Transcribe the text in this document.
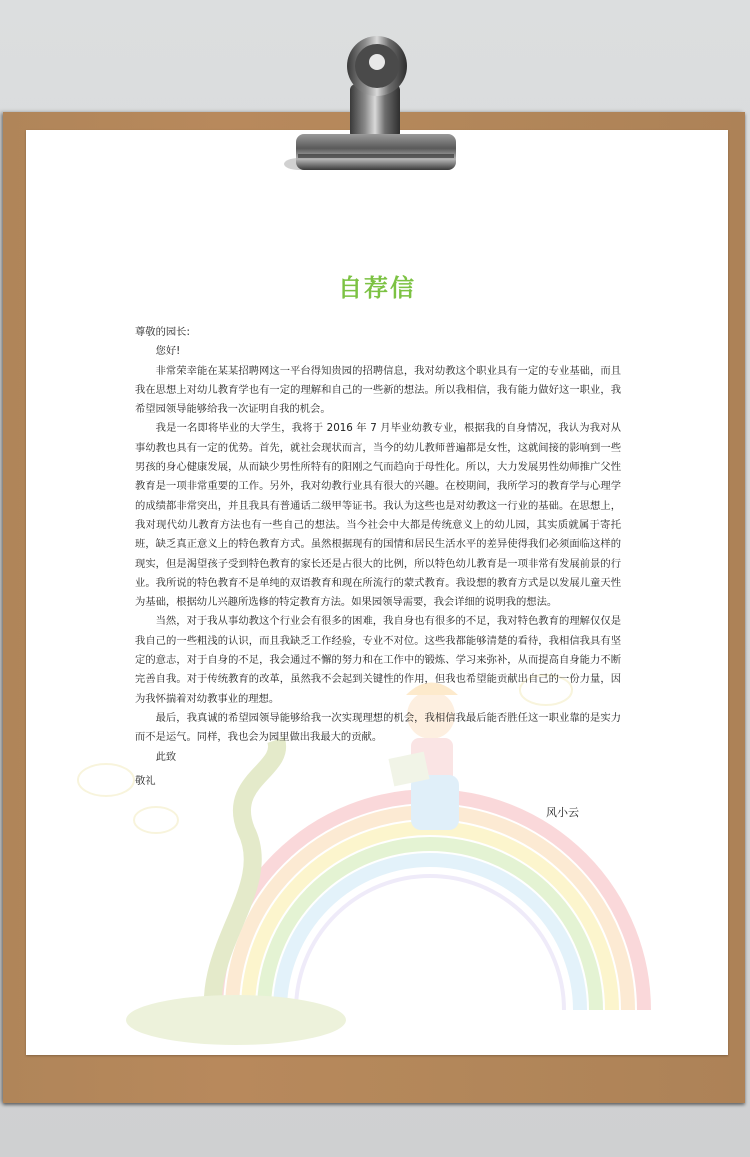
自荐信

尊敬的园长:

您好!

非常荣幸能在某某招聘网这一平台得知贵园的招聘信息，我对幼教这个职业具有一定的专业基础，而且我在思想上对幼儿教育学也有一定的理解和自己的一些新的想法。所以我相信，我有能力做好这一职业，我希望园领导能够给我一次证明自我的机会。

我是一名即将毕业的大学生，我将于 2016 年 7 月毕业幼教专业，根据我的自身情况，我认为我对从事幼教也具有一定的优势。首先，就社会现状而言，当今的幼儿教师普遍都是女性，这就间接的影响到一些男孩的身心健康发展，从而缺少男性所特有的阳刚之气而趋向于母性化。所以，大力发展男性幼师推广父性教育是一项非常重要的工作。另外，我对幼教行业具有很大的兴趣。在校期间，我所学习的教育学与心理学的成绩都非常突出，并且我具有普通话二级甲等证书。我认为这些也是对幼教这一行业的基础。在思想上，我对现代幼儿教育方法也有一些自己的想法。当今社会中大都是传统意义上的幼儿园，其实质就属于寄托班，缺乏真正意义上的特色教育方式。虽然根据现有的国情和居民生活水平的差异使得我们必须面临这样的现实，但是渴望孩子受到特色教育的家长还是占很大的比例，所以特色幼儿教育是一项非常有发展前景的行业。我所说的特色教育不是单纯的双语教育和现在所流行的蒙式教育。我设想的教育方式是以发展儿童天性为基础，根据幼儿兴趣所选修的特定教育方法。如果园领导需要，我会详细的说明我的想法。

当然，对于我从事幼教这个行业会有很多的困难，我自身也有很多的不足，我对特色教育的理解仅仅是我自己的一些粗浅的认识，而且我缺乏工作经验，专业不对位。这些我都能够清楚的看待，我相信我具有坚定的意志，对于自身的不足，我会通过不懈的努力和在工作中的锻炼、学习来弥补，从而提高自身能力不断完善自我。对于传统教育的改革，虽然我不会起到关键性的作用，但我也希望能贡献出自己的一份力量，因为我怀揣着对幼教事业的理想。

最后，我真诚的希望园领导能够给我一次实现理想的机会，我相信我最后能否胜任这一职业靠的是实力而不是运气。同样，我也会为园里做出我最大的贡献。

此致

敬礼

风小云
